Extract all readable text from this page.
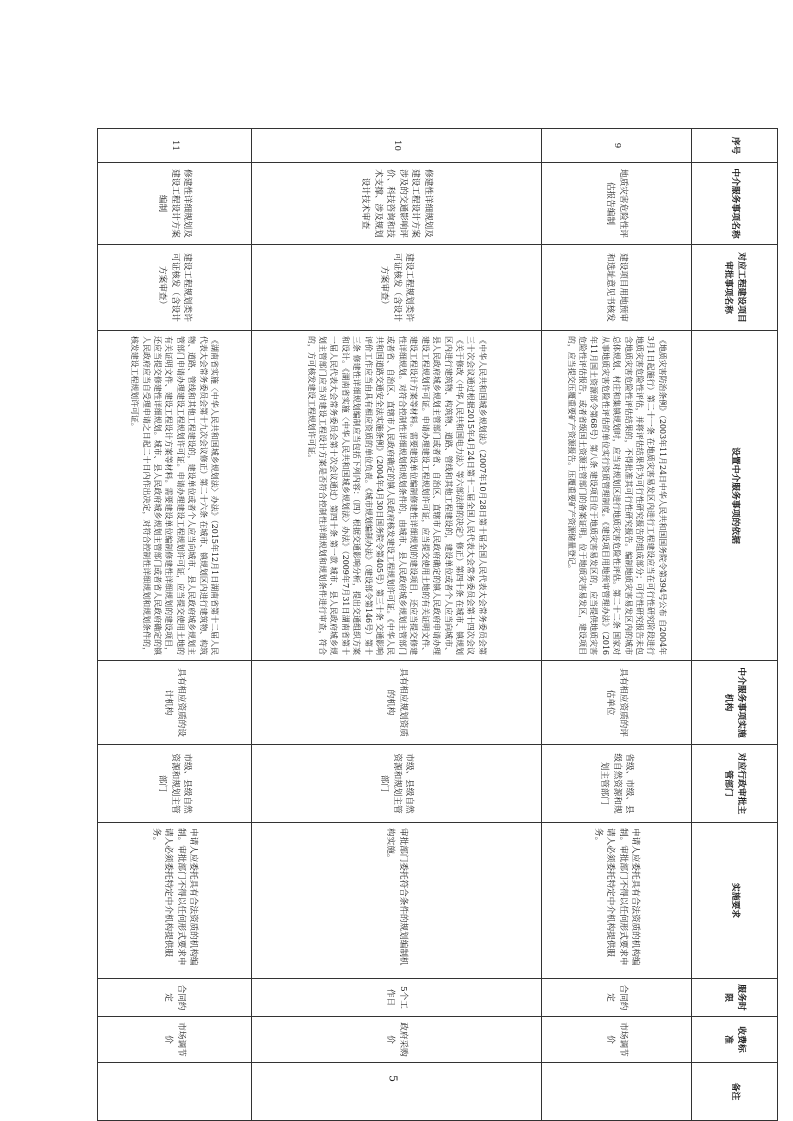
序号	中介服务事项名称	对应工程建设项目审批事项名称	设置中介服务事项的依据	中介服务事项实施机构	对应行政审批主管部门	实施要求	服务时限	收费标准	备注
9	地质灾害危险性评估报告编制	建设项目用地预审和选址意见书核发	《地质灾害防治条例》（2003年11月24日中华人民共和国国务院令第394号公布 自2004年3月1日起施行）第二十一条 在地质灾害易发区内进行工程建设应当在可行性研究阶段进行地质灾害危险性评估，并将评估结果作为可行性研究报告的组成部分；可行性研究报告未包含地质灾害危险性评估结果的，不得批准其可行性研究报告。编制地质灾害易发区内的城市总体规划、村庄和集镇规划时，应当对规划区进行地质灾害危险性评估。第二十二条 国家对从事地质灾害危险性评估的单位实行资质管理制度。《建设项目用地预审管理办法》（2016年11月国土资源部令第68号）第八条 建设项目位于地质灾害易发区的，应当提供地质灾害危险性评估报告，或者省级国土资源主管部门的备案证明。位于地质灾害易发区，建设项目的，应当提交压覆重要矿产资源报告。压覆重要矿产资源储量登记。	具有相应资质的评估单位	省级、市级、县级自然资源和规划主管部门	申请人应委托具有合法资质的机构编制。审批部门不得以任何形式要求申请人必须委托特定中介机构提供服务。	合同约定	市场调节价	
10	修建性详细规划及建设工程设计方案涉及的交通影响评价、科技咨询和技术支撑、涉及规划设计技术审查	建设工程规划类许可证核发（含设计方案审查）	《中华人民共和国城乡规划法》（2007年10月28日第十届全国人民代表大会常务委员会第三十次会议通过根据2015年4月24日第十二届全国人民代表大会常务委员会第十四次会议《关于修改〈中华人民共和国电力法〉等六部法律的决定》修正）第四十条 在城市、镇规划区内进行建筑物、构筑物、道路、管线和其他工程建设的，建设单位或者个人应当向城市、县人民政府城乡规划主管部门或者省、自治区、直辖市人民政府确定的镇人民政府申请办理建设工程规划许可证。申请办理建设工程规划许可证，应当提交使用土地的有关证明文件、建设工程设计方案等材料。需要建设单位编制修建性详细规划的建设项目，还应当提交修建性详细规划。对符合控制性详细规划和规划条件的，由城市、县人民政府城乡规划主管部门或者省、自治区、直辖市人民政府确定的镇人民政府核发建设工程规划许可证。《中华人民共和国道路交通安全法实施条例》（2004年4月30日国务院令第405号）第三十条 交通影响评价工作应当由具有相应资质的单位负责。《城市规划编制办法》（建设部令第146号）第十三条 修建性详细规划编制应当包括下列内容：（四）根据交通影响分析，提出交通组织方案和设计。《湖南省实施〈中华人民共和国城乡规划法〉办法》（2009年7月31日湖南省第十一届人民代表大会常务委员会第十次会议通过）第四十条 第一款 城市、县人民政府城乡规划主管部门应当对建设工程设计方案是否符合控制性详细规划和规划条件进行审查，符合的，方可核发建设工程规划许可证。	具有相应规划资质的机构	市级、县级自然资源和规划主管部门	审批部门委托符合条件的规划编制机构实施。	5个工作日	政府采购价	
11	修建性详细规划及建设工程设计方案编制	建设工程规划类许可证核发（含设计方案审查）	《湖南省实施〈中华人民共和国城乡规划法〉办法》（2015年12月1日湖南省第十二届人民代表大会常务委员会第十九次会议修正）第二十六条 在城市、镇规划区内进行建筑物、构筑物、道路、管线和其他工程建设的，建设单位或者个人应当向城市、县人民政府城乡规划主管部门申请办理建设工程规划许可证。申请办理建设工程规划许可证，应当提交使用土地的有关证明文件、建设工程设计方案等材料。需要建设单位编制修建性详细规划的建设项目，还应当提交修建性详细规划。城市、县人民政府城乡规划主管部门或者省人民政府确定的镇人民政府应当自受理申请之日起二十日内作出决定，对符合控制性详细规划和规划条件的，核发建设工程规划许可证。	具有相应资质的设计机构	市级、县级自然资源和规划主管部门	申请人应委托具有合法资质的机构编制。审批部门不得以任何形式要求申请人必须委托特定中介机构提供服务。	合同约定	市场调节价	
5
